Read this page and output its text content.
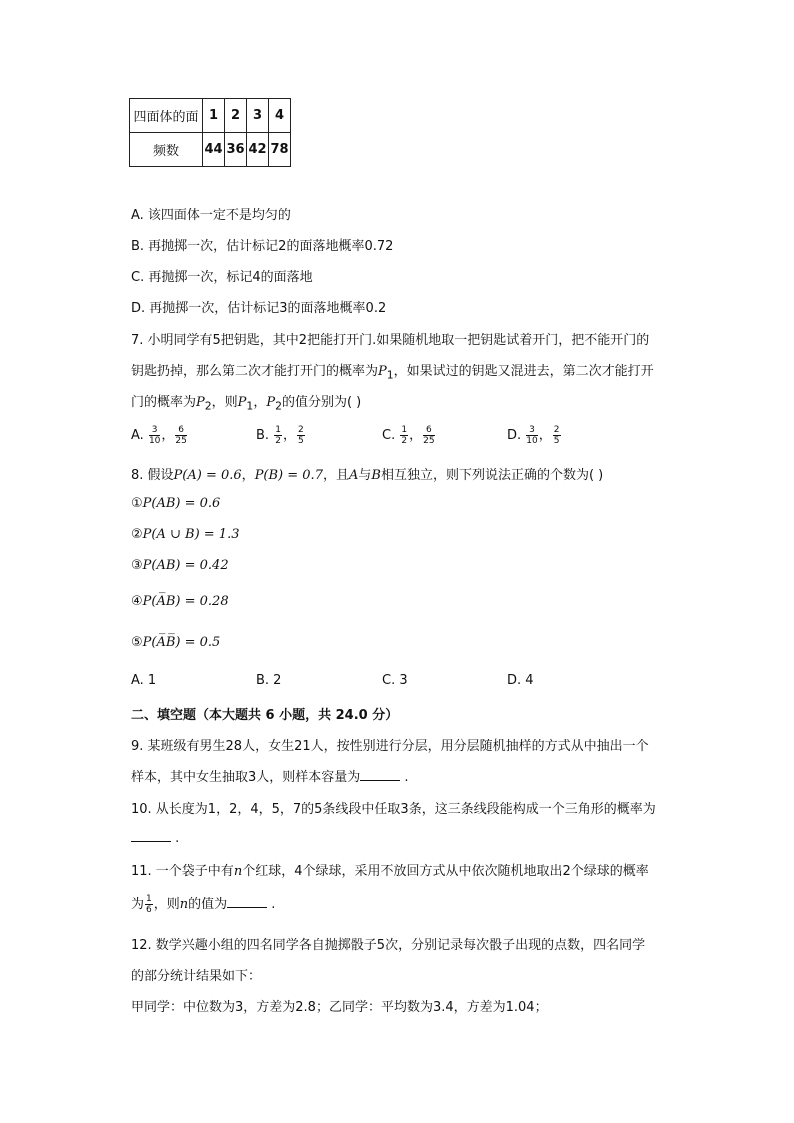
四面体的面	1	2	3	4
频数	44	36	42	78
A. 该四面体一定不是均匀的
B. 再抛掷一次，估计标记2的面落地概率0.72
C. 再抛掷一次，标记4的面落地
D. 再抛掷一次，估计标记3的面落地概率0.2
7. 小明同学有5把钥匙，其中2把能打开门.如果随机地取一把钥匙试着开门，把不能开门的
钥匙扔掉，那么第二次才能打开门的概率为$P_1$，如果试过的钥匙又混进去，第二次才能打开
门的概率为$P_2$，则$P_1$，$P_2$的值分别为( )
A. $\frac{3}{10}$ ， $\frac{6}{25}$	B. $\frac{1}{2}$ ， $\frac{2}{5}$	C. $\frac{1}{2}$ ， $\frac{6}{25}$	D. $\frac{3}{10}$ ， $\frac{2}{5}$
8. 假设P(A) = 0.6，P(B) = 0.7，且A与B相互独立，则下列说法正确的个数为( )
①P(AB) = 0.6
②P(A ∪ B) = 1.3
③P(AB) = 0.42
④P(A̅B) = 0.28
⑤P(A̅B̅) = 0.5
A. 1	B. 2	C. 3	D. 4
二、填空题（本大题共 6 小题，共 24.0 分）
9. 某班级有男生28人，女生21人，按性别进行分层，用分层随机抽样的方式从中抽出一个
样本，其中女生抽取3人，则样本容量为	.
10. 从长度为1，2，4，5，7的5条线段中任取3条，这三条线段能构成一个三角形的概率为
.
11. 一个袋子中有n个红球，4个绿球，采用不放回方式从中依次随机地取出2个绿球的概率
为 $\frac{1}{6}$ ，则n的值为	.
12. 数学兴趣小组的四名同学各自抛掷骰子5次，分别记录每次骰子出现的点数，四名同学
的部分统计结果如下：
甲同学：中位数为3，方差为2.8；乙同学：平均数为3.4，方差为1.04；
